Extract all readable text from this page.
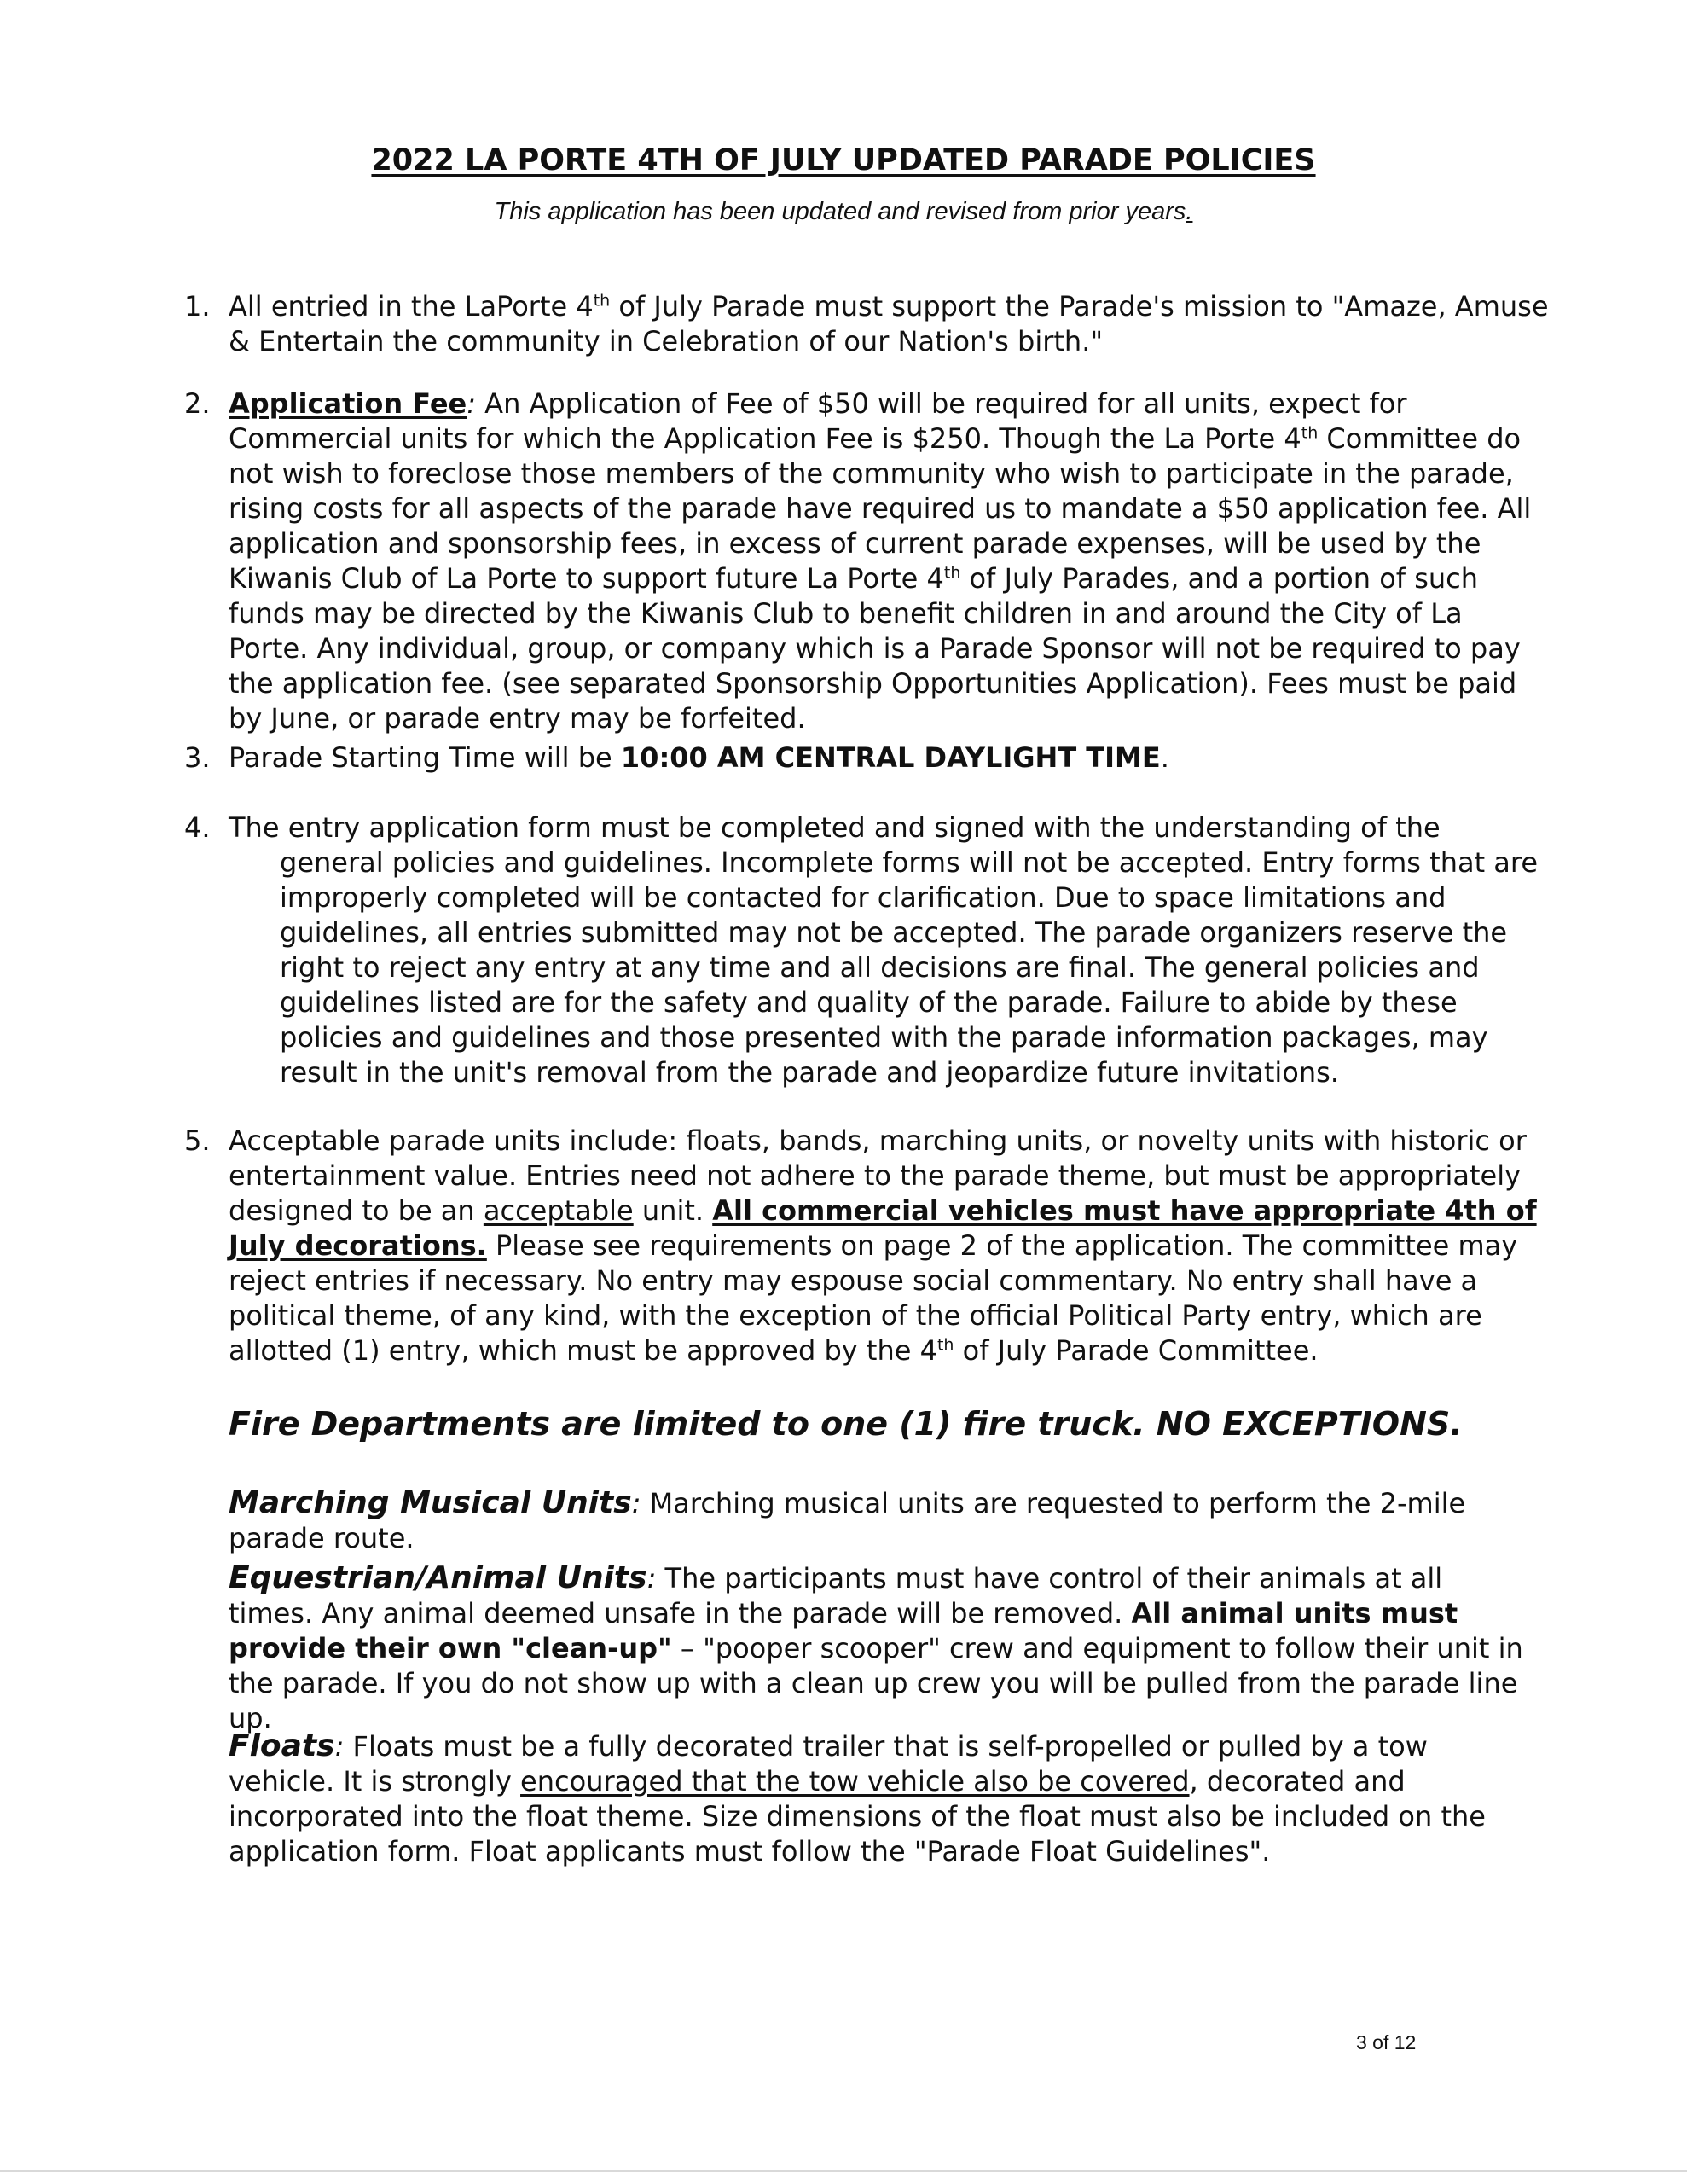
2022 LA PORTE 4TH OF JULY UPDATED PARADE POLICIES
This application has been updated and revised from prior years.
1. All entried in the LaPorte 4th of July Parade must support the Parade's mission to "Amaze, Amuse & Entertain the community in Celebration of our Nation's birth."
2. Application Fee: An Application of Fee of $50 will be required for all units, expect for Commercial units for which the Application Fee is $250. Though the La Porte 4th Committee do not wish to foreclose those members of the community who wish to participate in the parade, rising costs for all aspects of the parade have required us to mandate a $50 application fee. All application and sponsorship fees, in excess of current parade expenses, will be used by the Kiwanis Club of La Porte to support future La Porte 4th of July Parades, and a portion of such funds may be directed by the Kiwanis Club to benefit children in and around the City of La Porte. Any individual, group, or company which is a Parade Sponsor will not be required to pay the application fee. (see separated Sponsorship Opportunities Application). Fees must be paid by June, or parade entry may be forfeited.
3. Parade Starting Time will be 10:00 AM CENTRAL DAYLIGHT TIME.
4. The entry application form must be completed and signed with the understanding of the general policies and guidelines. Incomplete forms will not be accepted. Entry forms that are improperly completed will be contacted for clarification. Due to space limitations and guidelines, all entries submitted may not be accepted. The parade organizers reserve the right to reject any entry at any time and all decisions are final. The general policies and guidelines listed are for the safety and quality of the parade. Failure to abide by these policies and guidelines and those presented with the parade information packages, may result in the unit's removal from the parade and jeopardize future invitations.
5. Acceptable parade units include: floats, bands, marching units, or novelty units with historic or entertainment value. Entries need not adhere to the parade theme, but must be appropriately designed to be an acceptable unit. All commercial vehicles must have appropriate 4th of July decorations. Please see requirements on page 2 of the application. The committee may reject entries if necessary. No entry may espouse social commentary. No entry shall have a political theme, of any kind, with the exception of the official Political Party entry, which are allotted (1) entry, which must be approved by the 4th of July Parade Committee.
Fire Departments are limited to one (1) fire truck. NO EXCEPTIONS.
Marching Musical Units: Marching musical units are requested to perform the 2-mile parade route.
Equestrian/Animal Units: The participants must have control of their animals at all times. Any animal deemed unsafe in the parade will be removed. All animal units must provide their own "clean-up" – "pooper scooper" crew and equipment to follow their unit in the parade. If you do not show up with a clean up crew you will be pulled from the parade line up.
Floats: Floats must be a fully decorated trailer that is self-propelled or pulled by a tow vehicle. It is strongly encouraged that the tow vehicle also be covered, decorated and incorporated into the float theme. Size dimensions of the float must also be included on the application form. Float applicants must follow the "Parade Float Guidelines".
3 of 12
